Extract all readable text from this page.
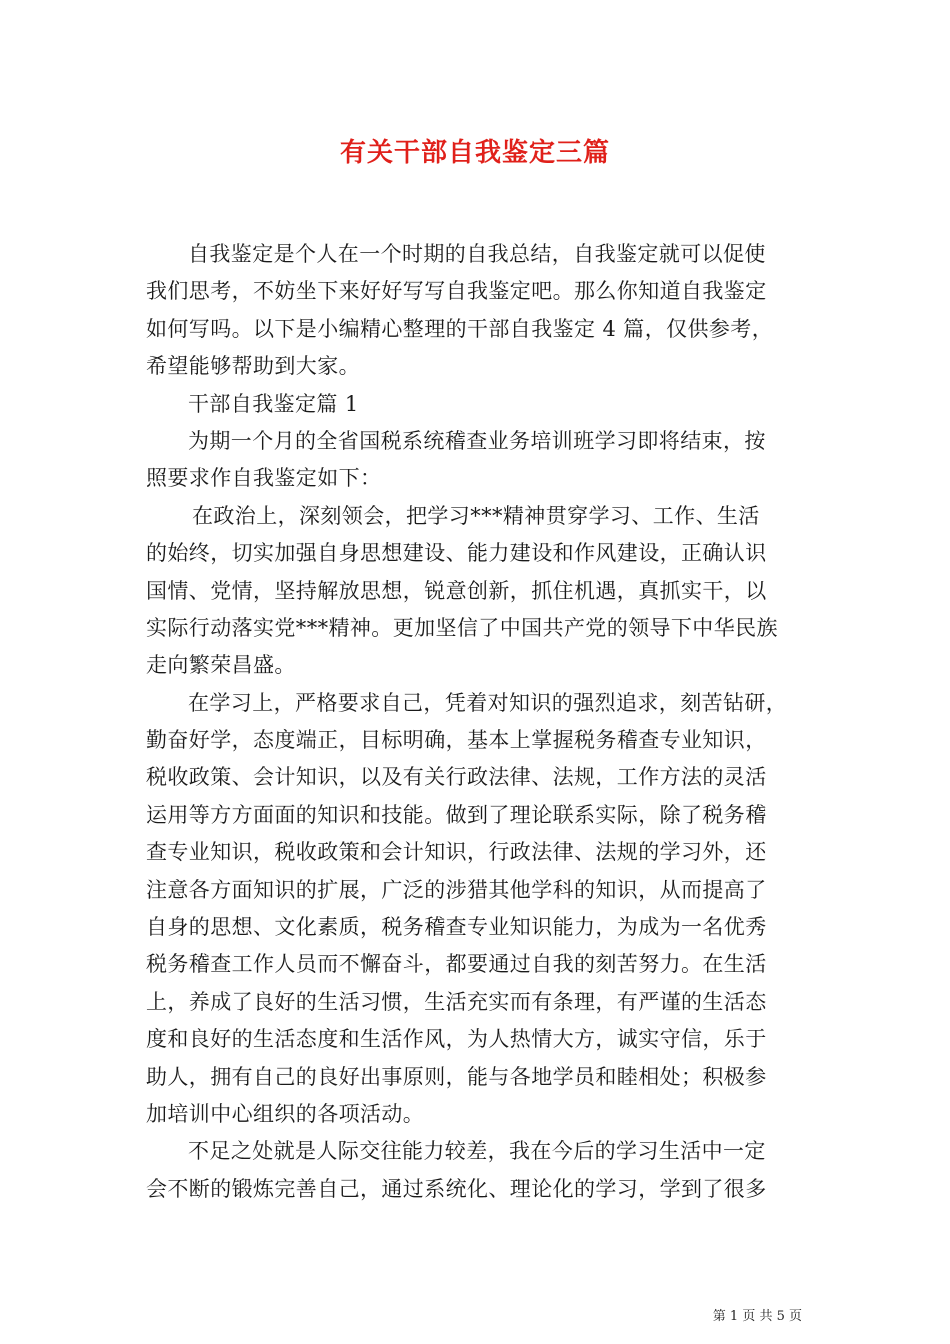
有关干部自我鉴定三篇
自我鉴定是个人在一个时期的自我总结，自我鉴定就可以促使
我们思考，不妨坐下来好好写写自我鉴定吧。那么你知道自我鉴定
如何写吗。以下是小编精心整理的干部自我鉴定 4 篇，仅供参考，
希望能够帮助到大家。
干部自我鉴定篇 1
为期一个月的全省国税系统稽查业务培训班学习即将结束，按
照要求作自我鉴定如下：
在政治上，深刻领会，把学习***精神贯穿学习、工作、生活
的始终，切实加强自身思想建设、能力建设和作风建设，正确认识
国情、党情，坚持解放思想，锐意创新，抓住机遇，真抓实干，以
实际行动落实党***精神。更加坚信了中国共产党的领导下中华民族
走向繁荣昌盛。
在学习上，严格要求自己，凭着对知识的强烈追求，刻苦钻研，
勤奋好学，态度端正，目标明确，基本上掌握税务稽查专业知识，
税收政策、会计知识，以及有关行政法律、法规，工作方法的灵活
运用等方方面面的知识和技能。做到了理论联系实际，除了税务稽
查专业知识，税收政策和会计知识，行政法律、法规的学习外，还
注意各方面知识的扩展，广泛的涉猎其他学科的知识，从而提高了
自身的思想、文化素质，税务稽查专业知识能力，为成为一名优秀
税务稽查工作人员而不懈奋斗，都要通过自我的刻苦努力。在生活
上，养成了良好的生活习惯，生活充实而有条理，有严谨的生活态
度和良好的生活态度和生活作风，为人热情大方，诚实守信，乐于
助人，拥有自己的良好出事原则，能与各地学员和睦相处；积极参
加培训中心组织的各项活动。
不足之处就是人际交往能力较差，我在今后的学习生活中一定
会不断的锻炼完善自己，通过系统化、理论化的学习，学到了很多
第 1 页 共 5 页
